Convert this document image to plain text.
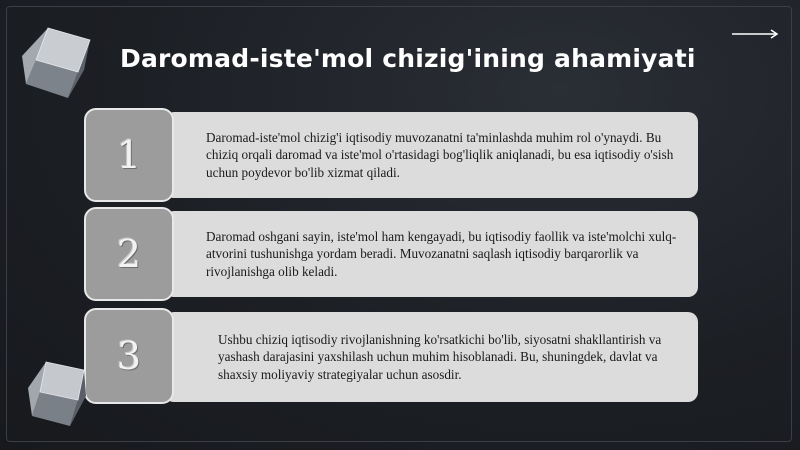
Daromad-iste'mol chizig'ining ahamiyati
Daromad-iste'mol chizig'i iqtisodiy muvozanatni ta'minlashda muhim rol o'ynaydi. Bu chiziq orqali daromad va iste'mol o'rtasidagi bog'liqlik aniqlanadi, bu esa iqtisodiy o'sish uchun poydevor bo'lib xizmat qiladi.
1
Daromad oshgani sayin, iste'mol ham kengayadi, bu iqtisodiy faollik va iste'molchi xulq-atvorini tushunishga yordam beradi. Muvozanatni saqlash iqtisodiy barqarorlik va rivojlanishga olib keladi.
2
Ushbu chiziq iqtisodiy rivojlanishning ko'rsatkichi bo'lib, siyosatni shakllantirish va yashash darajasini yaxshilash uchun muhim hisoblanadi. Bu, shuningdek, davlat va shaxsiy moliyaviy strategiyalar uchun asosdir.
3
